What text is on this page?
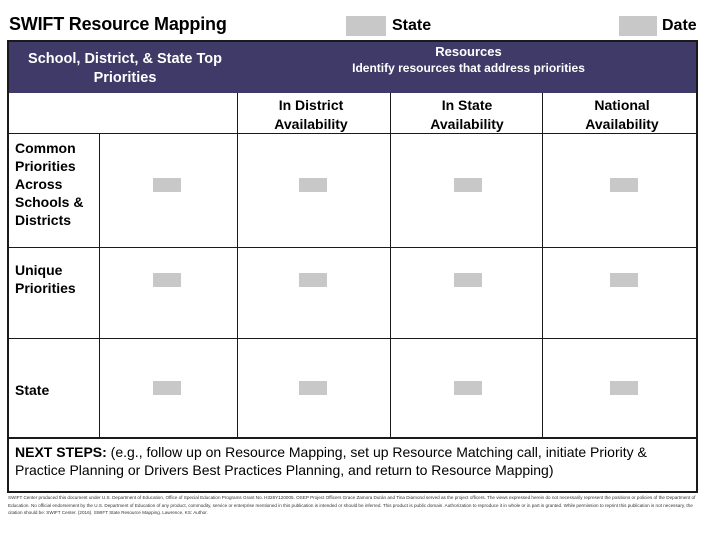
SWIFT Resource Mapping	State	Date
School, District, & State Top Priorities
Resources
Identify resources that address priorities
In District Availability
In State Availability
National Availability
Common Priorities Across Schools & Districts
Unique Priorities
State
NEXT STEPS: (e.g., follow up on Resource Mapping, set up Resource Matching call, initiate Priority & Practice Planning or Drivers Best Practices Planning, and return to Resource Mapping)
SWIFT Center produced this document under U.S. Department of Education, Office of Special Education Programs Grant No. H326Y120005. OSEP Project Officers Grace Zamora Durán and Tina Diamond served as the project officers. The views expressed herein do not necessarily represent the positions or policies of the Department of Education. No official endorsement by the U.S. Department of Education of any product, commodity, service or enterprise mentioned in this publication is intended or should be inferred. This product is public domain. Authorization to reproduce it in whole or in part is granted. While permission to reprint this publication is not necessary, the citation should be: SWIFT Center. (2016). SWIFT State Resource Mapping. Lawrence, KS: Author.
